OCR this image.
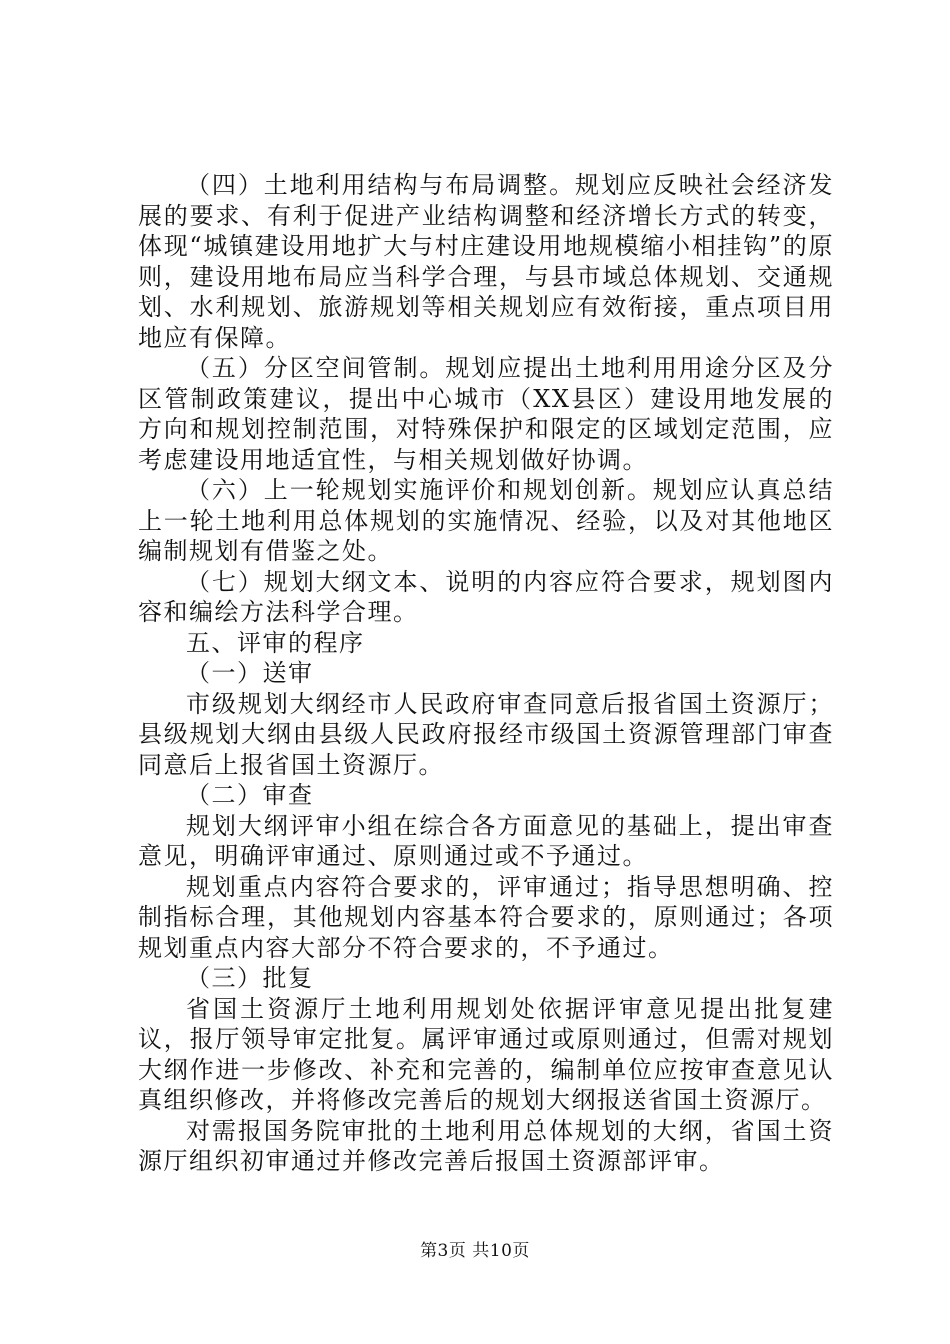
（四）土地利用结构与布局调整。规划应反映社会经济发展的要求、有利于促进产业结构调整和经济增长方式的转变，体现“城镇建设用地扩大与村庄建设用地规模缩小相挂钩”的原则，建设用地布局应当科学合理，与县市域总体规划、交通规划、水利规划、旅游规划等相关规划应有效衔接，重点项目用地应有保障。

（五）分区空间管制。规划应提出土地利用用途分区及分区管制政策建议，提出中心城市（XX县区）建设用地发展的方向和规划控制范围，对特殊保护和限定的区域划定范围，应考虑建设用地适宜性，与相关规划做好协调。

（六）上一轮规划实施评价和规划创新。规划应认真总结上一轮土地利用总体规划的实施情况、经验，以及对其他地区编制规划有借鉴之处。

（七）规划大纲文本、说明的内容应符合要求，规划图内容和编绘方法科学合理。

五、评审的程序

（一）送审

市级规划大纲经市人民政府审查同意后报省国土资源厅；县级规划大纲由县级人民政府报经市级国土资源管理部门审查同意后上报省国土资源厅。

（二）审查

规划大纲评审小组在综合各方面意见的基础上，提出审查意见，明确评审通过、原则通过或不予通过。

规划重点内容符合要求的，评审通过；指导思想明确、控制指标合理，其他规划内容基本符合要求的，原则通过；各项规划重点内容大部分不符合要求的，不予通过。

（三）批复

省国土资源厅土地利用规划处依据评审意见提出批复建议，报厅领导审定批复。属评审通过或原则通过，但需对规划大纲作进一步修改、补充和完善的，编制单位应按审查意见认真组织修改，并将修改完善后的规划大纲报送省国土资源厅。

对需报国务院审批的土地利用总体规划的大纲，省国土资源厅组织初审通过并修改完善后报国土资源部评审。

第3页 共10页
